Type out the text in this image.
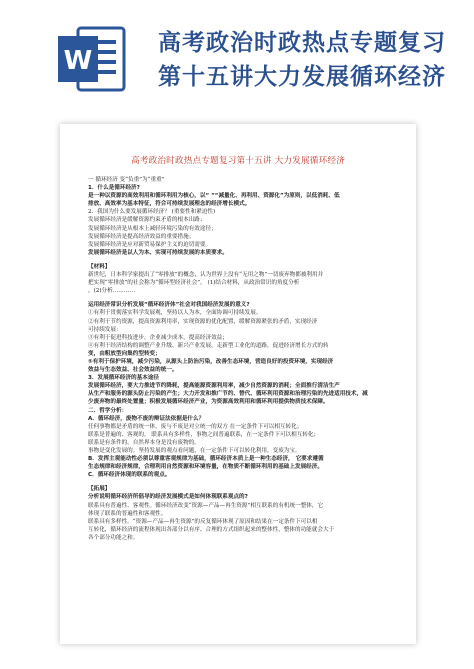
W
高考政治时政热点专题复习第十五讲大力发展循环经济
高考政治时政热点专题复习第十五讲 大力发展循环经济
一 循环经济 变“负重”为“重重”
1．什么是循环经济?
是一种以资源的高效利用和循环利用为核心，以“ ”“减量化、再利用、资源化”为原则，以低消耗、低
排放、高效率为基本特征，符合可持续发展理念的经济增长模式。
2．我国为什么要发展循环经济？ (重要性和紧迫性)
发展循环经济是缓解资源约束矛盾的根本出路；
发展循环经济是从根本上减轻环境污染的有效途径；
发展循环经济是提高经济效益的重要措施；
发展循环经济是应对新贸易保护主义的迫切需要。
发展循环经济是以人为本、实现可持续发展的本质要求。
【材料】
新世纪，日本科学家提出了“零排放”的概念，认为世界上没有“无用之物”一切废弃物都被利用并
把实现“零排放”的社会称为“循环型经济社会”。 (1)结合材料，从政治常识的角度分析
，(2)分析…………
运用经济常识分析发展“循环经济体”社会对我国经济发展的意义?
①有利于贯彻落实科学发展观，坚持以人为本，全面协调可持续发展。
②有利于节约资源，提高资源利用率，实现资源的优化配置，缓解资源紧张的矛盾，实现经济
可持续发展：
③有利于促进科技进步，企业减少成本，提高经济效益；
④有利于经济结构的调整产业升级、新兴产业发展，走新型工业化的道路，促进经济增长方式的转
变，由粗放型向集约型转变；
⑤有利于保护环境，减少污染，从源头上防治污染，改善生态环境，营造良好的投资环境，实现经济
效益与生态效益、社会效益的统一。
3．发展循环经济的基本途径
发展循环经济，要大力推进节约降耗，提高能源资源利用率，减少自然资源的消耗；全面推行清洁生产
从生产和服务的源头防止污染的产生；大力开发和推广节约、替代、循环利用资源和治理污染的先进适用技术，减
少废弃物的最终处置量；积极发展循环经济产业，为资源高效利用和循环利用提供物质技术保障。
二．哲学分析：
A．循环经济，废物不废的辩证法依据是什么？
任何事物都是矛盾的统一体，废与不废是对立统一的双方 在一定条件下可以相互转化；
联系是普遍的、客观的。 联系具有多样性，事物之间普遍联系，在一定条件下可以相互转化；
联系是有条件的，自然界本身是没有废物的。
事物是变化发展的。坚持发展的观点看问题，在一定条件下可以转化利用，变废为宝。
B．发挥主观能动性必须以尊重客观规律为基础，循环经济本质上是一种生态经济， 它要求遵循
生态规律和经济规律，合理利用自然资源和环境容量，在物质不断循环利用的基础上发展经济。
C．循环经济体现的联系的观点。
【拓展】
分析说明循环经济所倡导的经济发展模式是如何体现联系观点的?
联系具有普遍性、客观性。循环经济改变“资源—产品—再生资源”相互联系的有机统一整体，它
体现了联系的普遍性和客观性。
联系具有多样性。“资源—产品—再生资源”的反复循环体现了原因和结果在一定条件下可以相
互转化，循环经济的流程体现出各部分以有序、合理的方式组织起来的整体性，整体的功能就会大于
各个部分功能之和。
